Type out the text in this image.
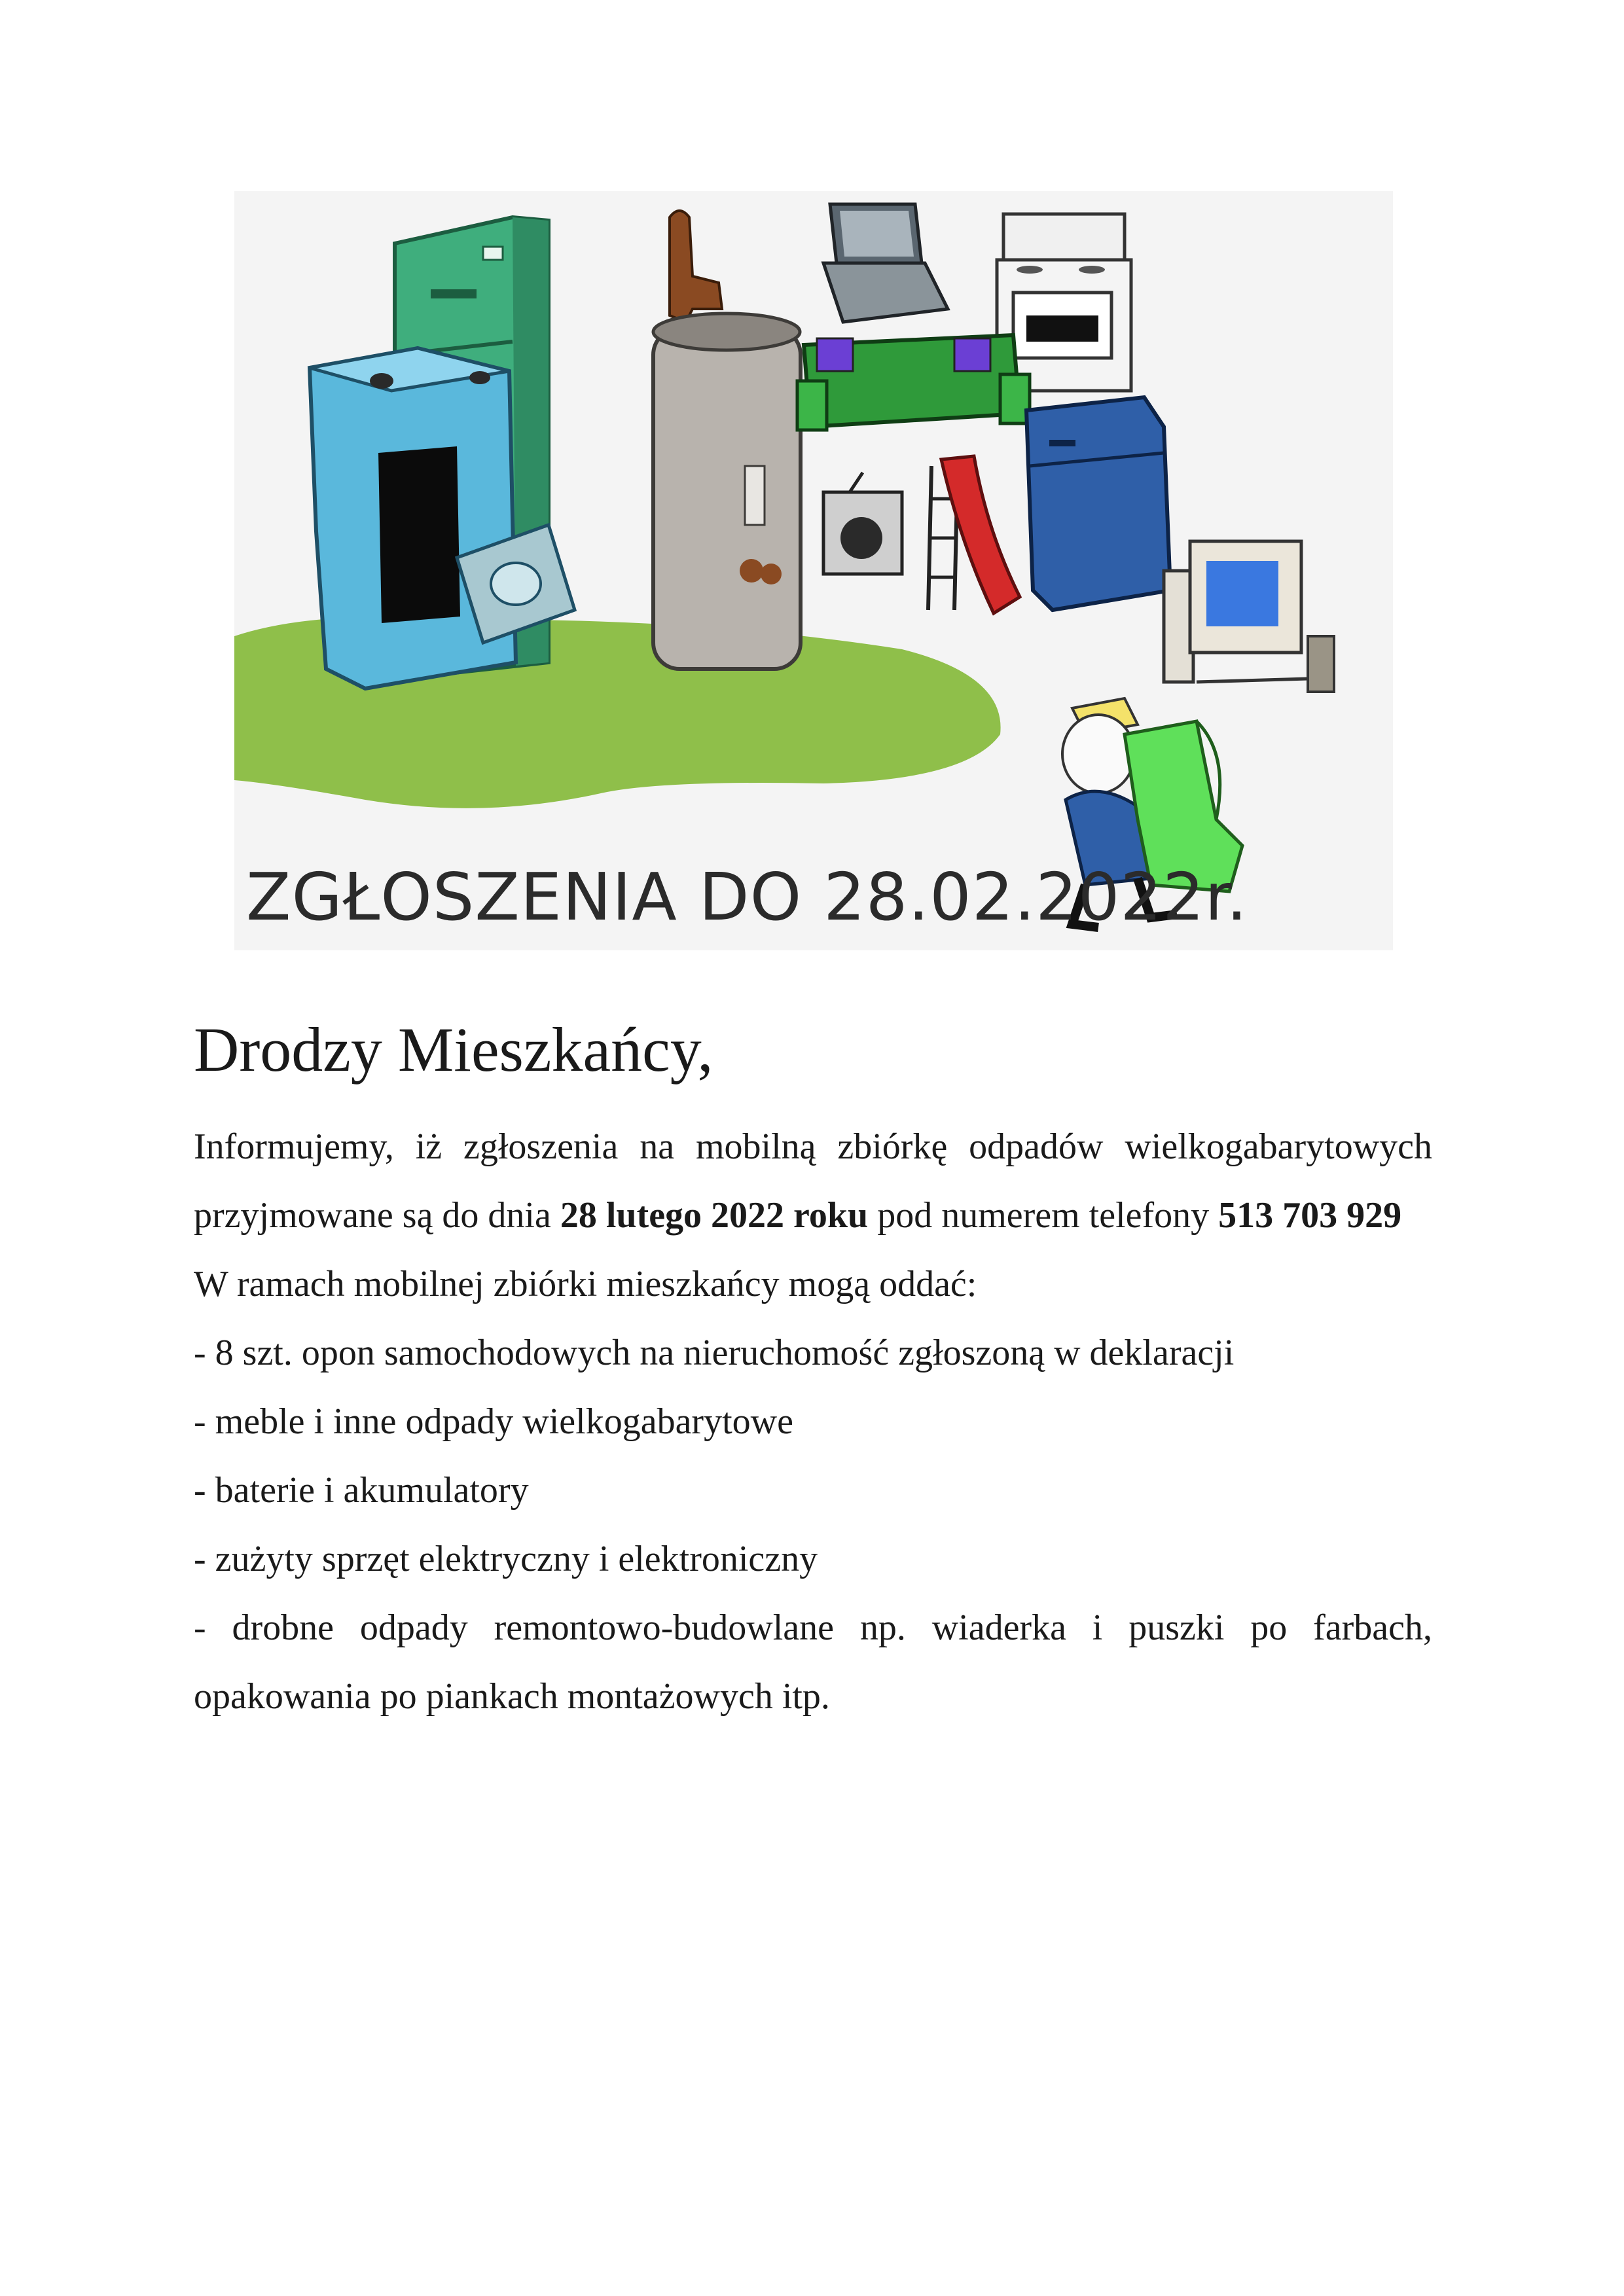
ZGŁOSZENIA DO 28.02.2022r.
Drodzy Mieszkańcy,

Informujemy, iż zgłoszenia na mobilną zbiórkę odpadów wielkogabarytowych

przyjmowane są do dnia 28 lutego 2022 roku pod numerem telefony 513 703 929

W ramach mobilnej zbiórki mieszkańcy mogą oddać:

- 8 szt. opon samochodowych na nieruchomość zgłoszoną w deklaracji

- meble i inne odpady wielkogabarytowe

- baterie i akumulatory

- zużyty sprzęt elektryczny i elektroniczny

- drobne odpady remontowo-budowlane np. wiaderka i puszki po farbach,

opakowania po piankach montażowych itp.
